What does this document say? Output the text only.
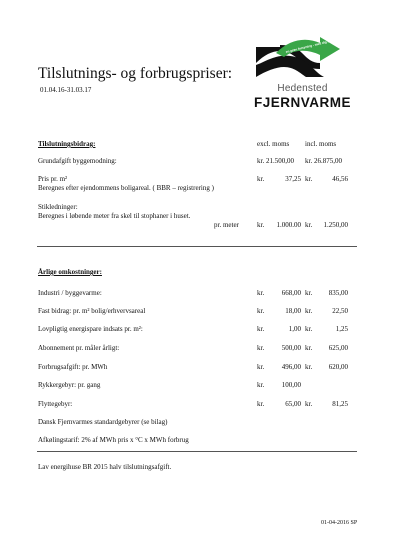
Tilslutnings- og forbrugspriser:
01.04.16-31.03.17
en grøn forsyning - med dig i fokus
Hedensted
FJERNVARME
Tilslutningsbidrag:	excl. moms incl. moms
Grundafgift byggemodning:	kr. 21.500,00 kr. 26.875,00
Pris pr. m²	kr.	37,25 kr.	46,56
Beregnes efter ejendommens boligareal. ( BBR – registrering )
Stikledninger:
Beregnes i løbende meter fra skel til stophaner i huset.
pr. meter	kr.	1.000.00 kr.	1.250,00
Årlige omkostninger:
Industri / byggevarme:	kr.	668,00 kr.	835,00
Fast bidrag: pr. m² bolig/erhvervsareal	kr.	18,00 kr.	22,50
Lovpligtig energispare indsats pr. m²:	kr.	1,00 kr.	1,25
Abonnement pr. måler årligt:	kr.	500,00 kr.	625,00
Forbrugsafgift: pr. MWh	kr.	496,00 kr.	620,00
Rykkergebyr: pr. gang	kr.	100,00
Flyttegebyr:	kr.	65,00 kr.	81,25
Dansk Fjernvarmes standardgebyrer (se bilag)
Afkølingstarif: 2% af MWh pris x °C x MWh forbrug
Lav energihuse BR 2015 halv tilslutningsafgift.
01-04-2016 SP
